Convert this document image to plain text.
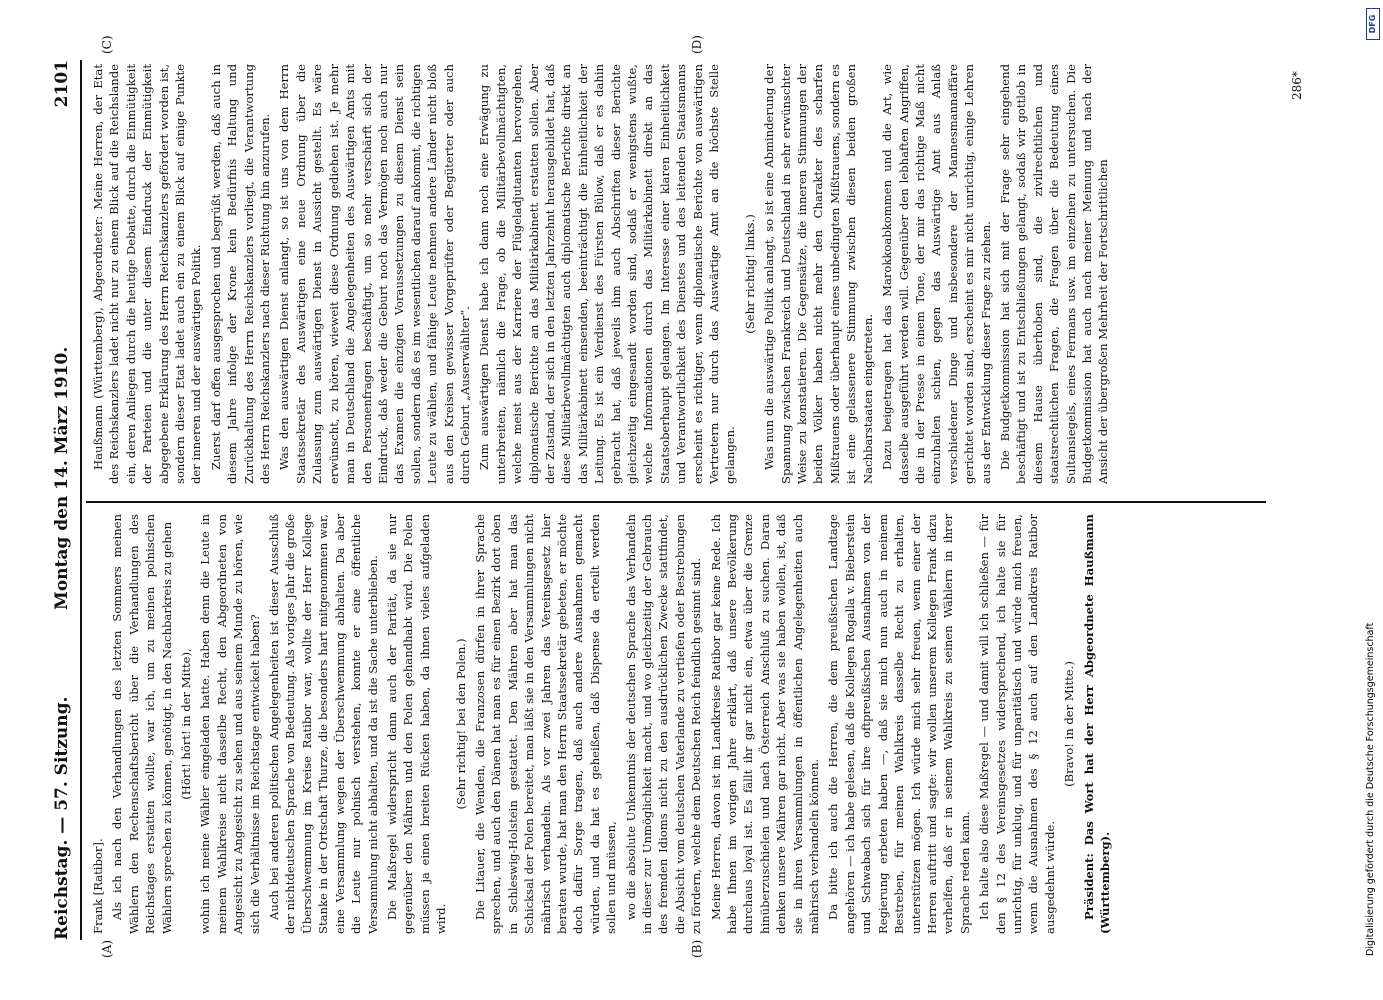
Reichstag. — 57. Sitzung.
Montag den 14. März 1910.
2101
(A)	(B)
(C)	(D)
286*

Frank [Ratibor]. Als ich nach den Verhandlungen des letzten Sommers meinen Wählern den Rechenschaftsbericht über die Verhandlungen des Reichstages erstatten wollte, war ich, um zu meinen polnischen Wählern sprechen zu können, genötigt, in den Nachbarkreis zu gehen (Hört! hört! in der Mitte), wohin ich meine Wähler eingeladen hatte. Haben denn die Leute in meinem Wahlkreise nicht dasselbe Recht, den Abgeordneten von Angesicht zu Angesicht zu sehen und aus seinem Munde zu hören, wie sich die Verhältnisse im Reichstage entwickelt haben? Auch bei anderen politischen Angelegenheiten ist dieser Ausschluß der nichtdeutschen Sprache von Bedeutung. Als voriges Jahr die große Überschwemmung im Kreise Ratibor war, wollte der Herr Kollege Stanke in der Ortschaft Thurze, die besonders hart mitgenommen war, eine Versammlung wegen der Überschwemmung abhalten. Da aber die Leute nur polnisch verstehen, konnte er eine öffentliche Versammlung nicht abhalten, und da ist die Sache unterblieben. Die Maßregel widerspricht dann auch der Parität, da sie nur gegenüber den Mähren und den Polen gehandhabt wird. Die Polen müssen ja einen breiten Rücken haben, da ihnen vieles aufgeladen wird.

(Sehr richtig! bei den Polen.) Die Litauer, die Wenden, die Franzosen dürfen in ihrer Sprache sprechen, und auch den Dänen hat man es für einen Bezirk dort oben in Schleswig-Holstein gestattet. Den Mähren aber hat man das Schicksal der Polen bereitet, man läßt sie in den Versammlungen nicht mährisch verhandeln. Als vor zwei Jahren das Vereinsgesetz hier beraten wurde, hat man den Herrn Staatssekretär gebeten, er möchte doch dafür Sorge tragen, daß auch andere Ausnahmen gemacht würden, und da hat es geheißen, daß Dispense da erteilt werden sollen und müssen, wo die absolute Unkenntnis der deutschen Sprache das Verhandeln in dieser zur Unmöglichkeit macht, und wo gleichzeitig der Gebrauch des fremden Idioms nicht zu den ausdrücklichen Zwecke stattfindet, die Absicht vom deutschen Vaterlande zu vertiefen oder Bestrebungen zu fördern, welche dem Deutschen Reich feindlich gesinnt sind. Meine Herren, davon ist im Landkreise Ratibor gar keine Rede. Ich habe Ihnen im vorigen Jahre erklärt, daß unsere Bevölkerung durchaus loyal ist. Es fällt ihr gar nicht ein, etwa über die Grenze hinüberzuschielen und nach Österreich Anschluß zu suchen. Daran denken unsere Mähren gar nicht. Aber was sie haben wollen, ist, daß sie in ihren Versammlungen in öffentlichen Angelegenheiten auch mährisch verhandeln können. Da bitte ich auch die Herren, die dem preußischen Landtage angehören — ich habe gelesen, daß die Kollegen Rogalla v. Bieberstein und Schwabach sich für ihre oftpreußischen Ausnahmen von der Regierung erbeten haben —, daß sie mich nun auch in meinem Bestreben, für meinen Wahlkreis dasselbe Recht zu erhalten, unterstützen mögen. Ich würde mich sehr freuen, wenn einer der Herren auftritt und sagte: wir wollen unserem Kollegen Frank dazu verhelfen, daß er in seinem Wahlkreis zu seinen Wählern in ihrer Sprache reden kann. Ich halte also diese Maßregel — und damit will ich schließen — für den § 12 des Vereinsgesetzes widersprechend, ich halte sie für unrichtig, für unklug, und für unparitätisch und würde mich freuen, wenn die Ausnahmen des § 12 auch auf den Landkreis Ratibor ausgedehnt würde.

(Bravo! in der Mitte.) Präsident: Das Wort hat der Herr Abgeordnete Haußmann (Württemberg).

Haußmann (Württemberg), Abgeordneter: Meine Herren, der Etat des Reichskanzlers ladet nicht nur zu einem Blick auf die Reichslande ein, deren Anliegen durch die heutige Debatte, durch die Einmütigkeit der Parteien und die unter diesem Eindruck der Einmütigkeit abgegebene Erklärung des Herrn Reichskanzlers gefördert worden ist, sondern dieser Etat ladet auch ein zu einem Blick auf einige Punkte der inneren und der auswärtigen Politik. Zuerst darf offen ausgesprochen und begrüßt werden, daß auch in diesem Jahre infolge der Krone kein Bedürfnis Haltung und Zurückhaltung des Herrn Reichskanzlers vorliegt, die Verantwortung des Herrn Reichskanzlers nach dieser Richtung hin anzurufen. Was den auswärtigen Dienst anlangt, so ist uns von dem Herrn Staatssekretär des Auswärtigen eine neue Ordnung über die Zulassung zum auswärtigen Dienst in Aussicht gestellt. Es wäre erwünscht, zu hören, wieweit diese Ordnung gediehen ist. Je mehr man in Deutschland die Angelegenheiten des Auswärtigen Amts mit den Personenfragen beschäftigt, um so mehr verschärft sich der Eindruck, daß weder die Geburt noch das Vermögen noch auch nur das Examen die einzigen Voraussetzungen zu diesem Dienst sein sollen, sondern daß es im wesentlichen darauf ankommt, die richtigen Leute zu wählen, und fähige Leute nehmen andere Länder nicht bloß aus den Kreisen gewisser Vorgeprüfter oder Begüterter oder auch durch Geburt „Auserwählter“. Zum auswärtigen Dienst habe ich dann noch eine Erwägung zu unterbreiten, nämlich die Frage, ob die Militärbevollmächtigten, welche meist aus der Karriere der Flügeladjutanten hervorgehen, diplomatische Berichte an das Militärkabinett erstatten sollen. Aber der Zustand, der sich in den letzten Jahrzehnt herausgebildet hat, daß diese Militärbevollmächtigten auch diplomatische Berichte direkt an das Militärkabinett einsenden, beeinträchtigt die Einheitlichkeit der Leitung. Es ist ein Verdienst des Fürsten Bülow, daß er es dahin gebracht hat, daß jeweils ihm auch Abschriften dieser Berichte gleichzeitig eingesandt worden sind, sodaß er wenigstens wußte, welche Informationen durch das Militärkabinett direkt an das Staatsoberhaupt gelangen. Im Interesse einer klaren Einheitlichkeit und Verantwortlichkeit des Dienstes und des leitenden Staatsmanns erscheint es richtiger, wenn diplomatische Berichte von auswärtigen Vertretern nur durch das Auswärtige Amt an die höchste Stelle gelangen.

(Sehr richtig! links.) Was nun die auswärtige Politik anlangt, so ist eine Abminderung der Spannung zwischen Frankreich und Deutschland in sehr erwünschter Weise zu konstatieren. Die Gegensätze, die inneren Stimmungen der beiden Völker haben nicht mehr den Charakter des scharfen Mißtrauens oder überhaupt eines unbedingten Mißtrauens, sondern es ist eine gelassenere Stimmung zwischen diesen beiden großen Nachbarstaaten eingetreten. Dazu beigetragen hat das Marokkoabkommen und die Art, wie dasselbe ausgeführt werden will. Gegenüber den lebhaften Angriffen, die in der Presse in einem Tone, der mir das richtige Maß nicht einzuhalten schien, gegen das Auswärtige Amt aus Anlaß verschiedener Dinge und insbesondere der Mannesmannaffäre gerichtet worden sind, erscheint es mir nicht unrichtig, einige Lehren aus der Entwicklung dieser Frage zu ziehen. Die Budgetkommission hat sich mit der Frage sehr eingehend beschäftigt und ist zu Entschließungen gelangt, sodaß wir gottlob in diesem Hause überhoben sind, die zivilrechtlichen und staatsrechtlichen Fragen, die Fragen über die Bedeutung eines Sultansiegels, eines Fermans usw. im einzelnen zu untersuchen. Die Budgetkommission hat auch nach meiner Meinung und nach der Ansicht der übergroßen Mehrheit der Fortschrittlichen

Digitalisierung gefördert durch die Deutsche Forschungsgemeinschaft
DFG
